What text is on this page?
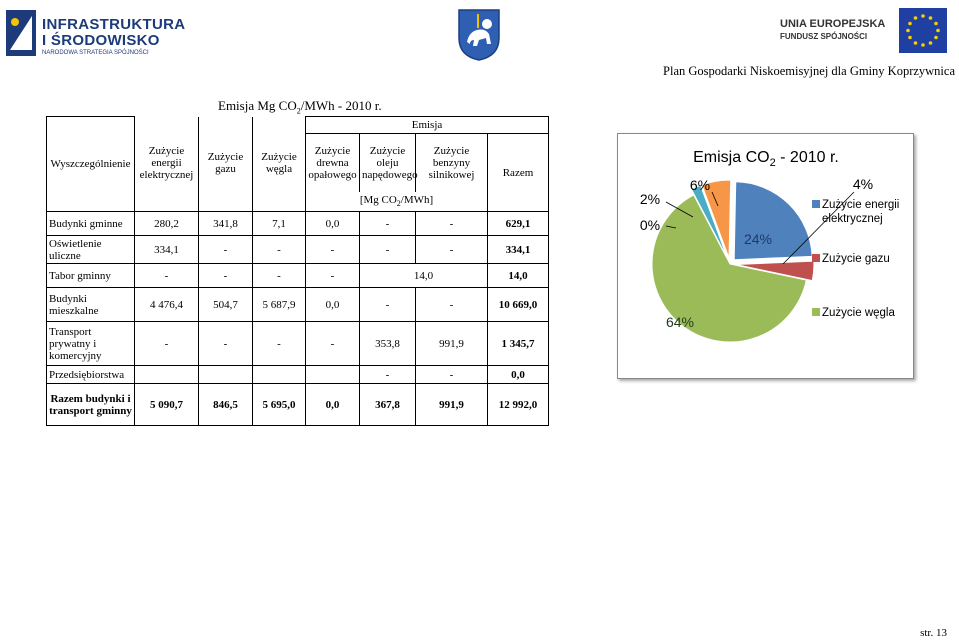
INFRASTRUKTURA
I ŚRODOWISKO
NARODOWA STRATEGIA SPÓJNOŚCI
UNIA EUROPEJSKA
FUNDUSZ SPÓJNOŚCI
Plan Gospodarki Niskoemisyjnej dla Gminy Koprzywnica
Emisja Mg $CO_2$/MWh - 2010 r.
Wyszczególnienie				Emisja			
	Zużycie energii elektrycznej	Zużycie gazu	Zużycie węgla	Zużycie drewna opałowego	Zużycie oleju napędowego	Zużycie benzyny silnikowej	Razem
				[Mg $CO_2/MWh$]			
Budynki gminne	280,2	341,8	7,1	0,0	-	-	629,1
Oświetlenie uliczne	334,1	-	-	-	-	-	334,1
Tabor gminny	-	-	-	-	14,0		14,0
Budynki mieszkalne	4 476,4	504,7	5 687,9	0,0	-	-	10 669,0
Transport prywatny i komercyjny	-	-	-	-	353,8	991,9	1 345,7
Przedsiębiorstwa					-	-	0,0
Razem budynki i transport gminny	5 090,7	846,5	5 695,0	0,0	367,8	991,9	12 992,0
Emisja $CO_2 - 2010$ r.
24%
4%
64%
0%
2%
6%
Zużycie energii elektrycznej
Zużycie gazu
Zużycie węgla
str. 13
